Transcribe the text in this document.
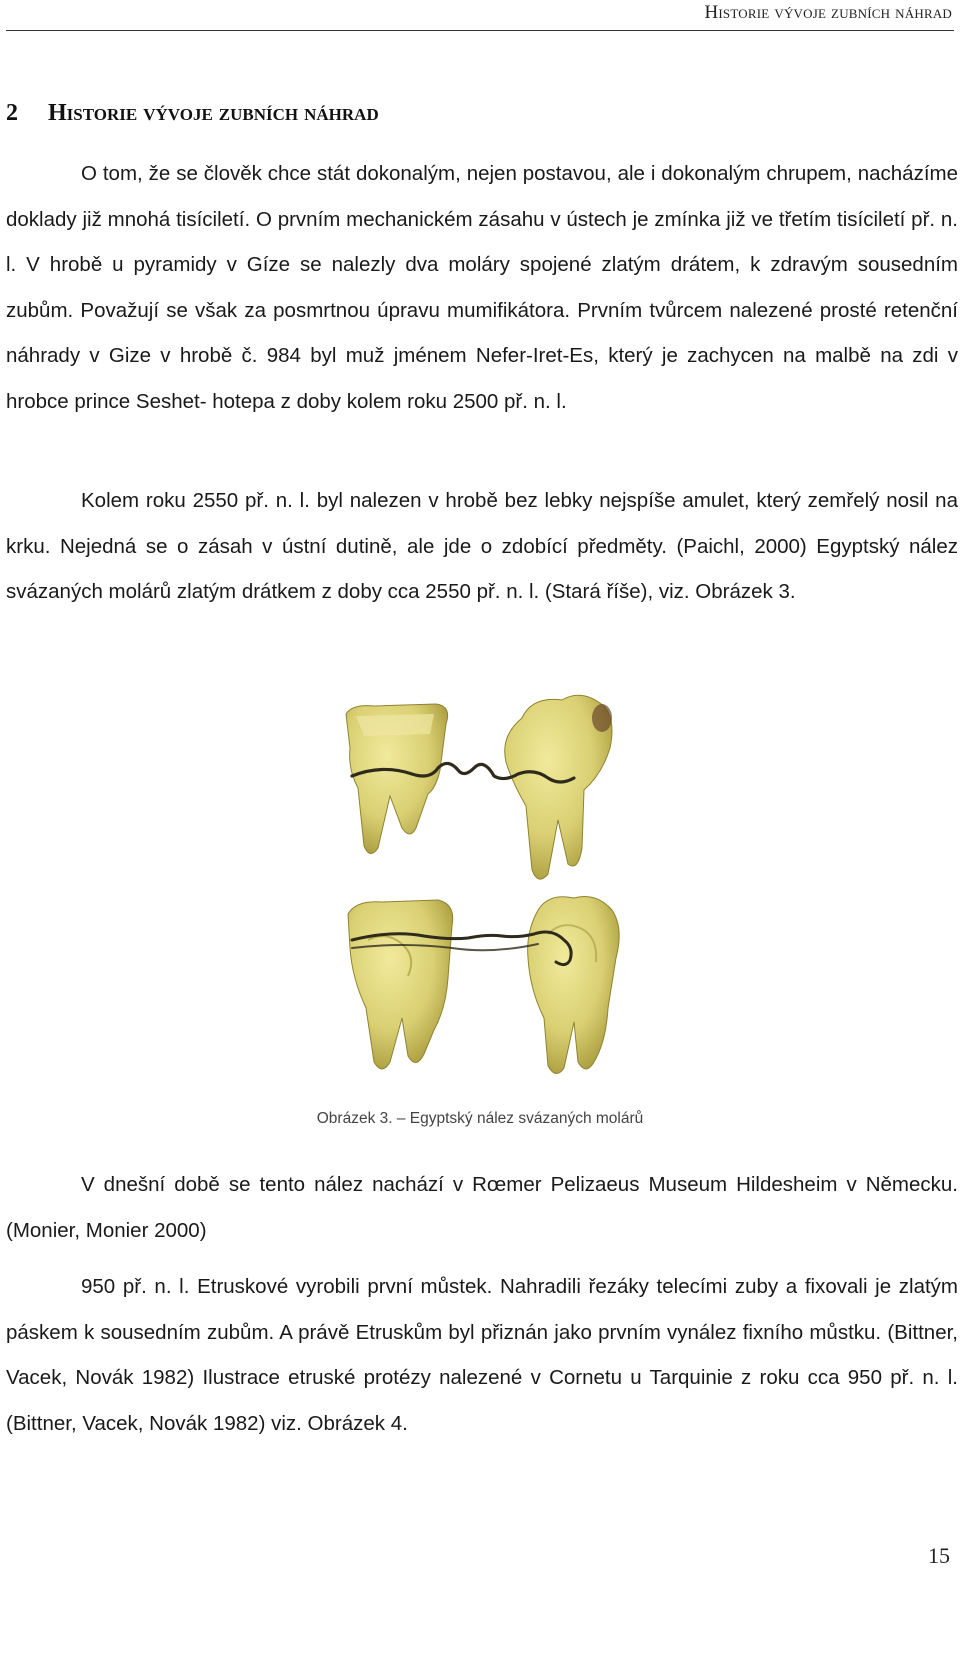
Historie vývoje zubních náhrad
2 Historie vývoje zubních náhrad

O tom, že se člověk chce stát dokonalým, nejen postavou, ale i dokonalým chrupem, nacházíme doklady již mnohá tisíciletí. O prvním mechanickém zásahu v ústech je zmínka již ve třetím tisíciletí př. n. l. V hrobě u pyramidy v Gíze se nalezly dva moláry spojené zlatým drátem, k zdravým sousedním zubům. Považují se však za posmrtnou úpravu mumifikátora. Prvním tvůrcem nalezené prosté retenční náhrady v Gize v hrobě č. 984 byl muž jménem Nefer-Iret-Es, který je zachycen na malbě na zdi v hrobce prince Seshet- hotepa z doby kolem roku 2500 př. n. l.

Kolem roku 2550 př. n. l. byl nalezen v hrobě bez lebky nejspíše amulet, který zemřelý nosil na krku. Nejedná se o zásah v ústní dutině, ale jde o zdobící předměty. (Paichl, 2000) Egyptský nález svázaných molárů zlatým drátkem z doby cca 2550 př. n. l. (Stará říše), viz. Obrázek 3.

Obrázek 3. – Egyptský nález svázaných molárů

V dnešní době se tento nález nachází v Rœmer Pelizaeus Museum Hildesheim v Německu. (Monier, Monier 2000)

950 př. n. l. Etruskové vyrobili první můstek. Nahradili řezáky telecími zuby a fixovali je zlatým páskem k sousedním zubům. A právě Etruskům byl přiznán jako prvním vynález fixního můstku. (Bittner, Vacek, Novák 1982) Ilustrace etruské protézy nalezené v Cornetu u Tarquinie z roku cca 950 př. n. l. (Bittner, Vacek, Novák 1982) viz. Obrázek 4.

15
